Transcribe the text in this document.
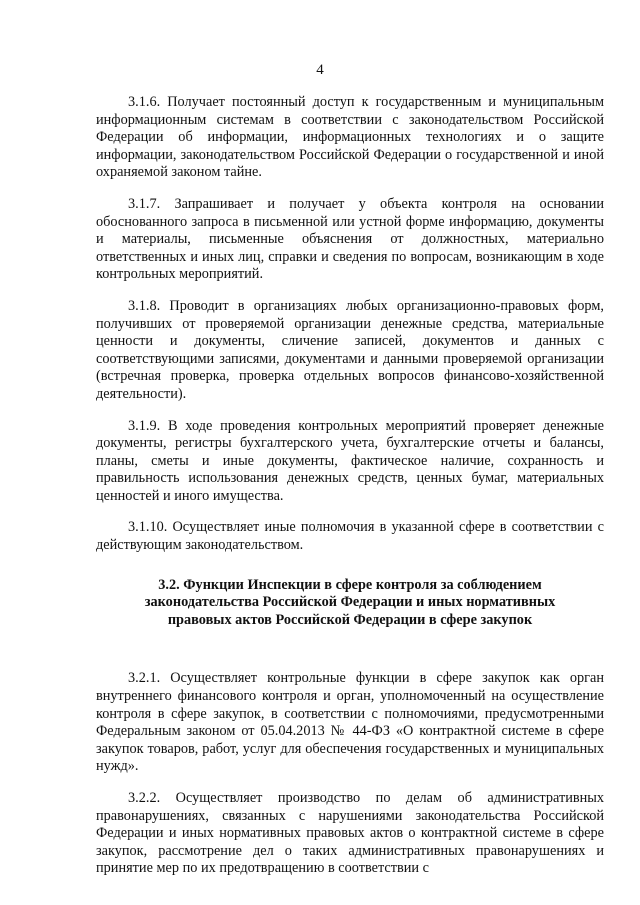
4

3.1.6. Получает постоянный доступ к государственным и муниципальным информационным системам в соответствии с законодательством Российской Федерации об информации, информационных технологиях и о защите информации, законодательством Российской Федерации о государственной и иной охраняемой законом тайне.

3.1.7. Запрашивает и получает у объекта контроля на основании обоснованного запроса в письменной или устной форме информацию, документы и материалы, письменные объяснения от должностных, материально ответственных и иных лиц, справки и сведения по вопросам, возникающим в ходе контрольных мероприятий.

3.1.8. Проводит в организациях любых организационно-правовых форм, получивших от проверяемой организации денежные средства, материальные ценности и документы, сличение записей, документов и данных с соответствующими записями, документами и данными проверяемой организации (встречная проверка, проверка отдельных вопросов финансово-хозяйственной деятельности).

3.1.9. В ходе проведения контрольных мероприятий проверяет денежные документы, регистры бухгалтерского учета, бухгалтерские отчеты и балансы, планы, сметы и иные документы, фактическое наличие, сохранность и правильность использования денежных средств, ценных бумаг, материальных ценностей и иного имущества.

3.1.10. Осуществляет иные полномочия в указанной сфере в соответствии с действующим законодательством.

3.2. Функции Инспекции в сфере контроля за соблюдением законодательства Российской Федерации и иных нормативных правовых актов Российской Федерации в сфере закупок

3.2.1. Осуществляет контрольные функции в сфере закупок как орган внутреннего финансового контроля и орган, уполномоченный на осуществление контроля в сфере закупок, в соответствии с полномочиями, предусмотренными Федеральным законом от 05.04.2013 № 44-ФЗ «О контрактной системе в сфере закупок товаров, работ, услуг для обеспечения государственных и муниципальных нужд».

3.2.2. Осуществляет производство по делам об административных правонарушениях, связанных с нарушениями законодательства Российской Федерации и иных нормативных правовых актов о контрактной системе в сфере закупок, рассмотрение дел о таких административных правонарушениях и принятие мер по их предотвращению в соответствии с
